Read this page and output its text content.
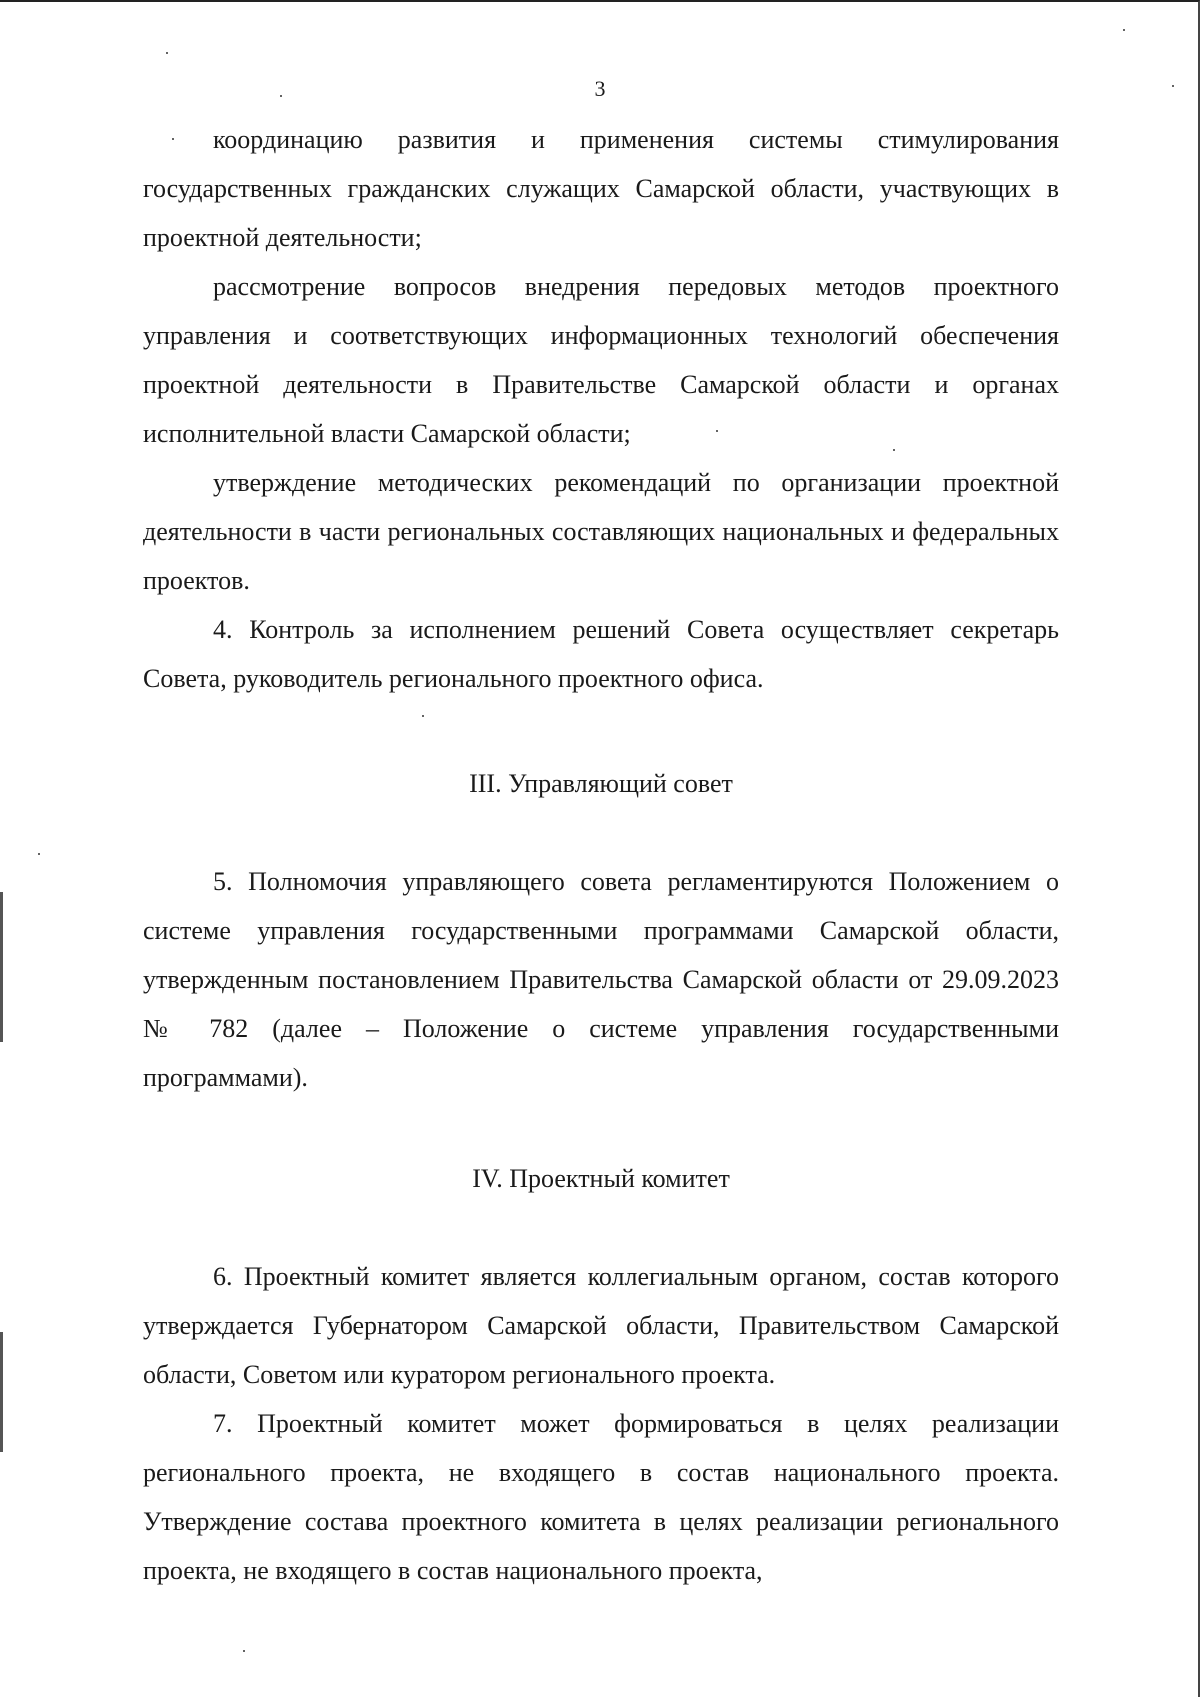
3

координацию развития и применения системы стимулирования государственных гражданских служащих Самарской области, участвующих в проектной деятельности;

рассмотрение вопросов внедрения передовых методов проектного управления и соответствующих информационных технологий обеспечения проектной деятельности в Правительстве Самарской области и органах исполнительной власти Самарской области;

утверждение методических рекомендаций по организации проектной деятельности в части региональных составляющих национальных и федеральных проектов.

4. Контроль за исполнением решений Совета осуществляет секретарь Совета, руководитель регионального проектного офиса.

III. Управляющий совет

5. Полномочия управляющего совета регламентируются Положением о системе управления государственными программами Самарской области, утвержденным постановлением Правительства Самарской области от 29.09.2023 № 782 (далее – Положение о системе управления государственными программами).

IV. Проектный комитет

6. Проектный комитет является коллегиальным органом, состав которого утверждается Губернатором Самарской области, Правительством Самарской области, Советом или куратором регионального проекта.

7. Проектный комитет может формироваться в целях реализации регионального проекта, не входящего в состав национального проекта. Утверждение состава проектного комитета в целях реализации регионального проекта, не входящего в состав национального проекта,
